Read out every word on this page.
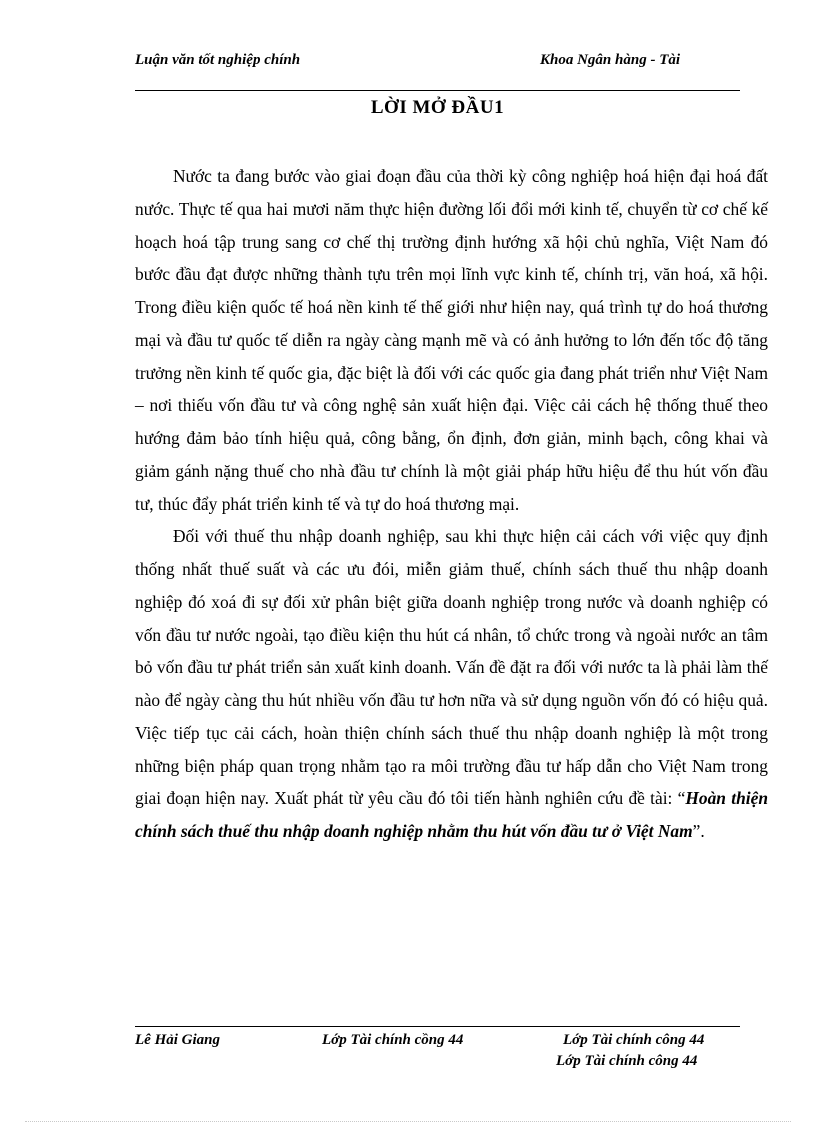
Luận văn tốt nghiệp chính	Khoa Ngân hàng - Tài
LỜI MỞ ĐẦU1

Nước ta đang bước vào giai đoạn đầu của thời kỳ công nghiệp hoá hiện đại hoá đất nước. Thực tế qua hai mươi năm thực hiện đường lối đổi mới kinh tế, chuyển từ cơ chế kế hoạch hoá tập trung sang cơ chế thị trường định hướng xã hội chủ nghĩa, Việt Nam đó bước đầu đạt được những thành tựu trên mọi lĩnh vực kinh tế, chính trị, văn hoá, xã hội. Trong điều kiện quốc tế hoá nền kinh tế thế giới như hiện nay, quá trình tự do hoá thương mại và đầu tư quốc tế diễn ra ngày càng mạnh mẽ và có ảnh hưởng to lớn đến tốc độ tăng trưởng nền kinh tế quốc gia, đặc biệt là đối với các quốc gia đang phát triển như Việt Nam – nơi thiếu vốn đầu tư và công nghệ sản xuất hiện đại. Việc cải cách hệ thống thuế theo hướng đảm bảo tính hiệu quả, công bằng, ổn định, đơn giản, minh bạch, công khai và giảm gánh nặng thuế cho nhà đầu tư chính là một giải pháp hữu hiệu để thu hút vốn đầu tư, thúc đẩy phát triển kinh tế và tự do hoá thương mại.

Đối với thuế thu nhập doanh nghiệp, sau khi thực hiện cải cách với việc quy định thống nhất thuế suất và các ưu đói, miễn giảm thuế, chính sách thuế thu nhập doanh nghiệp đó xoá đi sự đối xử phân biệt giữa doanh nghiệp trong nước và doanh nghiệp có vốn đầu tư nước ngoài, tạo điều kiện thu hút cá nhân, tổ chức trong và ngoài nước an tâm bỏ vốn đầu tư phát triển sản xuất kinh doanh. Vấn đề đặt ra đối với nước ta là phải làm thế nào để ngày càng thu hút nhiều vốn đầu tư hơn nữa và sử dụng nguồn vốn đó có hiệu quả. Việc tiếp tục cải cách, hoàn thiện chính sách thuế thu nhập doanh nghiệp là một trong những biện pháp quan trọng nhằm tạo ra môi trường đầu tư hấp dẫn cho Việt Nam trong giai đoạn hiện nay. Xuất phát từ yêu cầu đó tôi tiến hành nghiên cứu đề tài: “Hoàn thiện chính sách thuế thu nhập doanh nghiệp nhằm thu hút vốn đầu tư ở Việt Nam”.

Lê Hải Giang	Lớp Tài chính cồng 44	Lớp Tài chính công 44
Lớp Tài chính công 44
